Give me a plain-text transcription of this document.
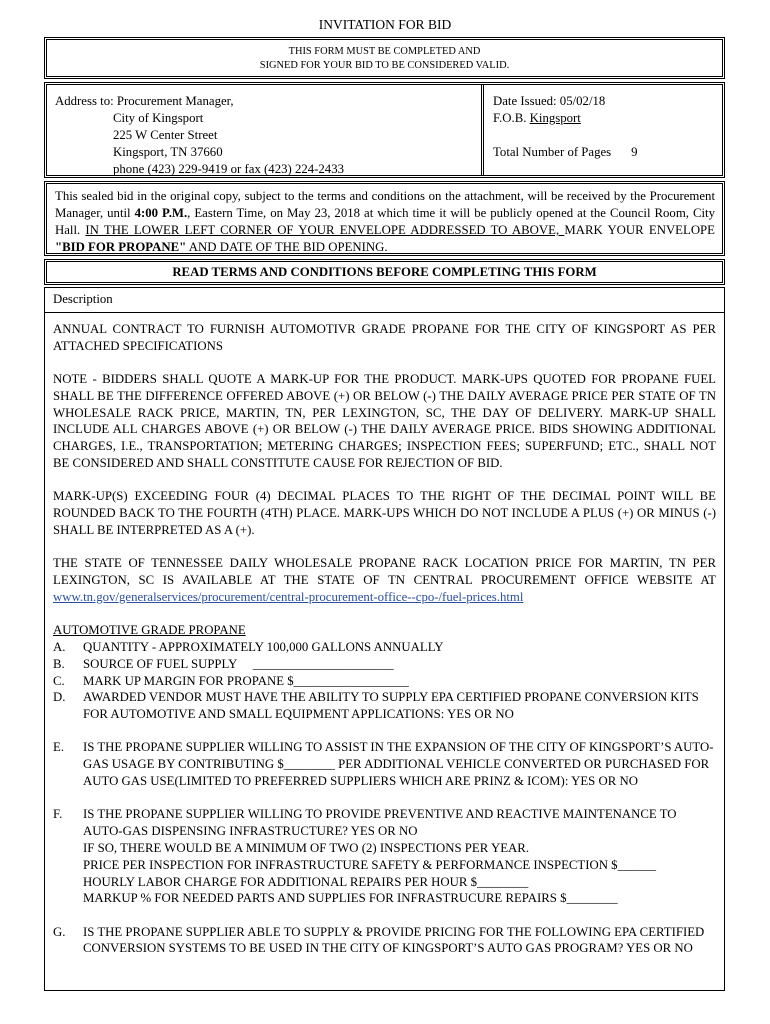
INVITATION FOR BID
THIS FORM MUST BE COMPLETED AND
SIGNED FOR YOUR BID TO BE CONSIDERED VALID.
Address to: Procurement Manager,
City of Kingsport
225 W Center Street
Kingsport, TN 37660
phone (423) 229-9419 or fax (423) 224-2433
Date Issued: 05/02/18
F.O.B. Kingsport
Total Number of Pages 9
This sealed bid in the original copy, subject to the terms and conditions on the attachment, will be received by the Procurement Manager, until 4:00 P.M., Eastern Time, on May 23, 2018 at which time it will be publicly opened at the Council Room, City Hall. IN THE LOWER LEFT CORNER OF YOUR ENVELOPE ADDRESSED TO ABOVE, MARK YOUR ENVELOPE "BID FOR PROPANE" AND DATE OF THE BID OPENING.
READ TERMS AND CONDITIONS BEFORE COMPLETING THIS FORM
Description

ANNUAL CONTRACT TO FURNISH AUTOMOTIVR GRADE PROPANE FOR THE CITY OF KINGSPORT AS PER ATTACHED SPECIFICATIONS

NOTE - BIDDERS SHALL QUOTE A MARK-UP FOR THE PRODUCT. MARK-UPS QUOTED FOR PROPANE FUEL SHALL BE THE DIFFERENCE OFFERED ABOVE (+) OR BELOW (-) THE DAILY AVERAGE PRICE PER STATE OF TN WHOLESALE RACK PRICE, MARTIN, TN, PER LEXINGTON, SC, THE DAY OF DELIVERY. MARK-UP SHALL INCLUDE ALL CHARGES ABOVE (+) OR BELOW (-) THE DAILY AVERAGE PRICE. BIDS SHOWING ADDITIONAL CHARGES, I.E., TRANSPORTATION; METERING CHARGES; INSPECTION FEES; SUPERFUND; ETC., SHALL NOT BE CONSIDERED AND SHALL CONSTITUTE CAUSE FOR REJECTION OF BID.

MARK-UP(S) EXCEEDING FOUR (4) DECIMAL PLACES TO THE RIGHT OF THE DECIMAL POINT WILL BE ROUNDED BACK TO THE FOURTH (4TH) PLACE. MARK-UPS WHICH DO NOT INCLUDE A PLUS (+) OR MINUS (-) SHALL BE INTERPRETED AS A (+).

THE STATE OF TENNESSEE DAILY WHOLESALE PROPANE RACK LOCATION PRICE FOR MARTIN, TN PER LEXINGTON, SC IS AVAILABLE AT THE STATE OF TN CENTRAL PROCUREMENT OFFICE WEBSITE AT www.tn.gov/generalservices/procurement/central-procurement-office--cpo-/fuel-prices.html

AUTOMOTIVE GRADE PROPANE
A.	QUANTITY - APPROXIMATELY 100,000 GALLONS ANNUALLY
B.	SOURCE OF FUEL SUPPLY     ______________________
C.	MARK UP MARGIN FOR PROPANE $__________________
D.	AWARDED VENDOR MUST HAVE THE ABILITY TO SUPPLY EPA CERTIFIED PROPANE CONVERSION KITS FOR AUTOMOTIVE AND SMALL EQUIPMENT APPLICATIONS: YES OR NO
E.	IS THE PROPANE SUPPLIER WILLING TO ASSIST IN THE EXPANSION OF THE CITY OF KINGSPORT’S AUTO-GAS USAGE BY CONTRIBUTING $________ PER ADDITIONAL VEHICLE CONVERTED OR PURCHASED FOR AUTO GAS USE(LIMITED TO PREFERRED SUPPLIERS WHICH ARE PRINZ & ICOM): YES OR NO
F.	IS THE PROPANE SUPPLIER WILLING TO PROVIDE PREVENTIVE AND REACTIVE MAINTENANCE TO AUTO-GAS DISPENSING INFRASTRUCTURE? YES OR NO
IF SO, THERE WOULD BE A MINIMUM OF TWO (2) INSPECTIONS PER YEAR.
PRICE PER INSPECTION FOR INFRASTRUCTURE SAFETY & PERFORMANCE INSPECTION $______
HOURLY LABOR CHARGE FOR ADDITIONAL REPAIRS PER HOUR $________
MARKUP % FOR NEEDED PARTS AND SUPPLIES FOR INFRASTRUCURE REPAIRS $________
G.	IS THE PROPANE SUPPLIER ABLE TO SUPPLY & PROVIDE PRICING FOR THE FOLLOWING EPA CERTIFIED CONVERSION SYSTEMS TO BE USED IN THE CITY OF KINGSPORT’S AUTO GAS PROGRAM? YES OR NO
